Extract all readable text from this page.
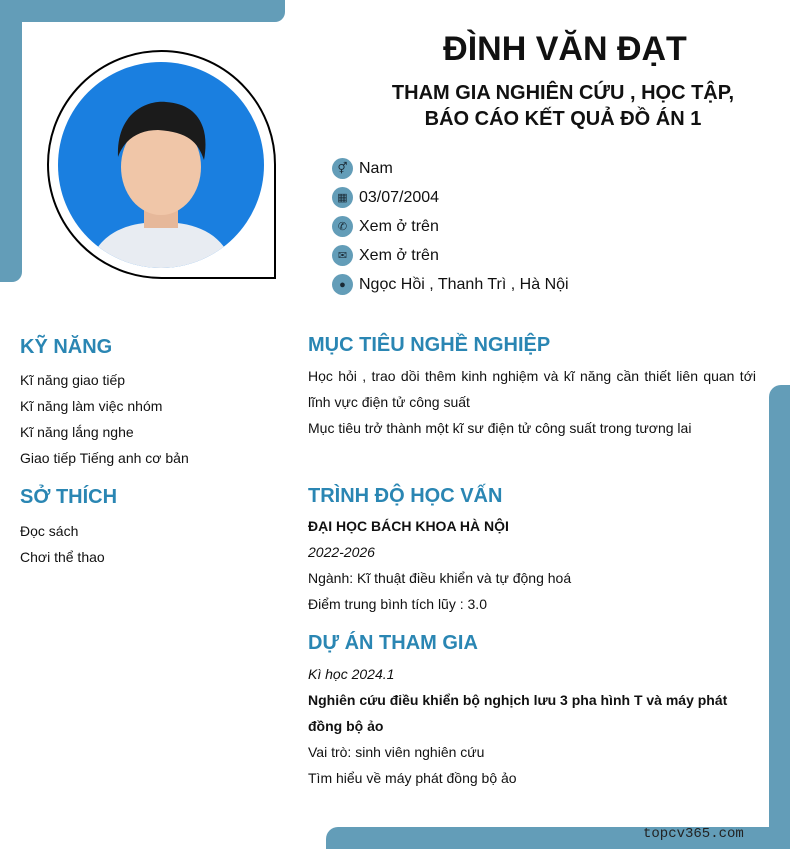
topcv365.com
ĐÌNH VĂN ĐẠT
THAM GIA NGHIÊN CỨU , HỌC TẬP, BÁO CÁO KẾT QUẢ ĐỒ ÁN 1
⚥ Nam
▦ 03/07/2004
✆ Xem ở trên
✉ Xem ở trên
● Ngọc Hồi , Thanh Trì , Hà Nội
KỸ NĂNG
Kĩ năng giao tiếp
Kĩ năng làm việc nhóm
Kĩ năng lắng nghe
Giao tiếp Tiếng anh cơ bản
SỞ THÍCH
Đọc sách
Chơi thể thao
MỤC TIÊU NGHỀ NGHIỆP
Học hỏi , trao dồi thêm kinh nghiệm và kĩ năng cần thiết liên quan tới lĩnh vực điện tử công suất
Mục tiêu trở thành một kĩ sư điện tử công suất trong tương lai
TRÌNH ĐỘ HỌC VẤN
ĐẠI HỌC BÁCH KHOA HÀ NỘI
2022-2026
Ngành: Kĩ thuật điều khiển và tự động hoá
Điểm trung bình tích lũy : 3.0
DỰ ÁN THAM GIA
Kì học 2024.1
Nghiên cứu điều khiển bộ nghịch lưu 3 pha hình T và máy phát đồng bộ ảo
Vai trò: sinh viên nghiên cứu
Tìm hiểu về máy phát đồng bộ ảo
